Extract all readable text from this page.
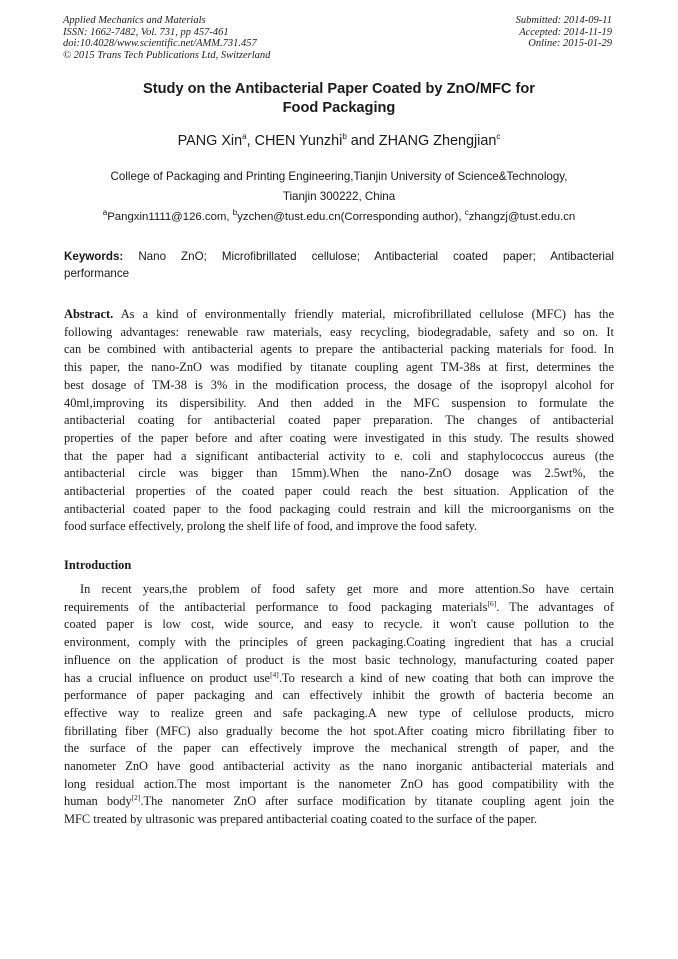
Applied Mechanics and Materials
ISSN: 1662-7482, Vol. 731, pp 457-461
doi:10.4028/www.scientific.net/AMM.731.457
© 2015 Trans Tech Publications Ltd, Switzerland
Submitted: 2014-09-11
Accepted: 2014-11-19
Online: 2015-01-29
Study on the Antibacterial Paper Coated by ZnO/MFC for
Food Packaging
PANG Xin$^a$, CHEN Yunzhi$^b$ and ZHANG Zhengjian$^c$
College of Packaging and Printing Engineering,Tianjin University of Science&Technology,
Tianjin 300222, China
$^a$Pangxin1111@126.com, $^b$yzchen@tust.edu.cn(Corresponding author), $^c$zhangzj@tust.edu.cn
Keywords: Nano ZnO; Microfibrillated cellulose; Antibacterial coated paper; Antibacterial
performance
Abstract. As a kind of environmentally friendly material, microfibrillated cellulose (MFC) has the
following advantages: renewable raw materials, easy recycling, biodegradable, safety and so on. It
can be combined with antibacterial agents to prepare the antibacterial packing materials for food. In
this paper, the nano-ZnO was modified by titanate coupling agent TM-38s at first, determines the
best dosage of TM-38 is 3% in the modification process, the dosage of the isopropyl alcohol for
40ml,improving its dispersibility. And then added in the MFC suspension to formulate the
antibacterial coating for antibacterial coated paper preparation. The changes of antibacterial
properties of the paper before and after coating were investigated in this study. The results showed
that the paper had a significant antibacterial activity to e. coli and staphylococcus aureus (the
antibacterial circle was bigger than 15mm).When the nano-ZnO dosage was 2.5wt%, the
antibacterial properties of the coated paper could reach the best situation. Application of the
antibacterial coated paper to the food packaging could restrain and kill the microorganisms on the
food surface effectively, prolong the shelf life of food, and improve the food safety.
Introduction
In recent years,the problem of food safety get more and more attention.So have certain
requirements of the antibacterial performance to food packaging materials[6]. The advantages of
coated paper is low cost, wide source, and easy to recycle. it won't cause pollution to the
environment, comply with the principles of green packaging.Coating ingredient that has a crucial
influence on the application of product is the most basic technology, manufacturing coated paper
has a crucial influence on product use[4].To research a kind of new coating that both can improve the
performance of paper packaging and can effectively inhibit the growth of bacteria become an
effective way to realize green and safe packaging.A new type of cellulose products, micro
fibrillating fiber (MFC) also gradually become the hot spot.After coating micro fibrillating fiber to
the surface of the paper can effectively improve the mechanical strength of paper, and the
nanometer ZnO have good antibacterial activity as the nano inorganic antibacterial materials and
long residual action.The most important is the nanometer ZnO has good compatibility with the
human body[2].The nanometer ZnO after surface modification by titanate coupling agent join the
MFC treated by ultrasonic was prepared antibacterial coating coated to the surface of the paper.
